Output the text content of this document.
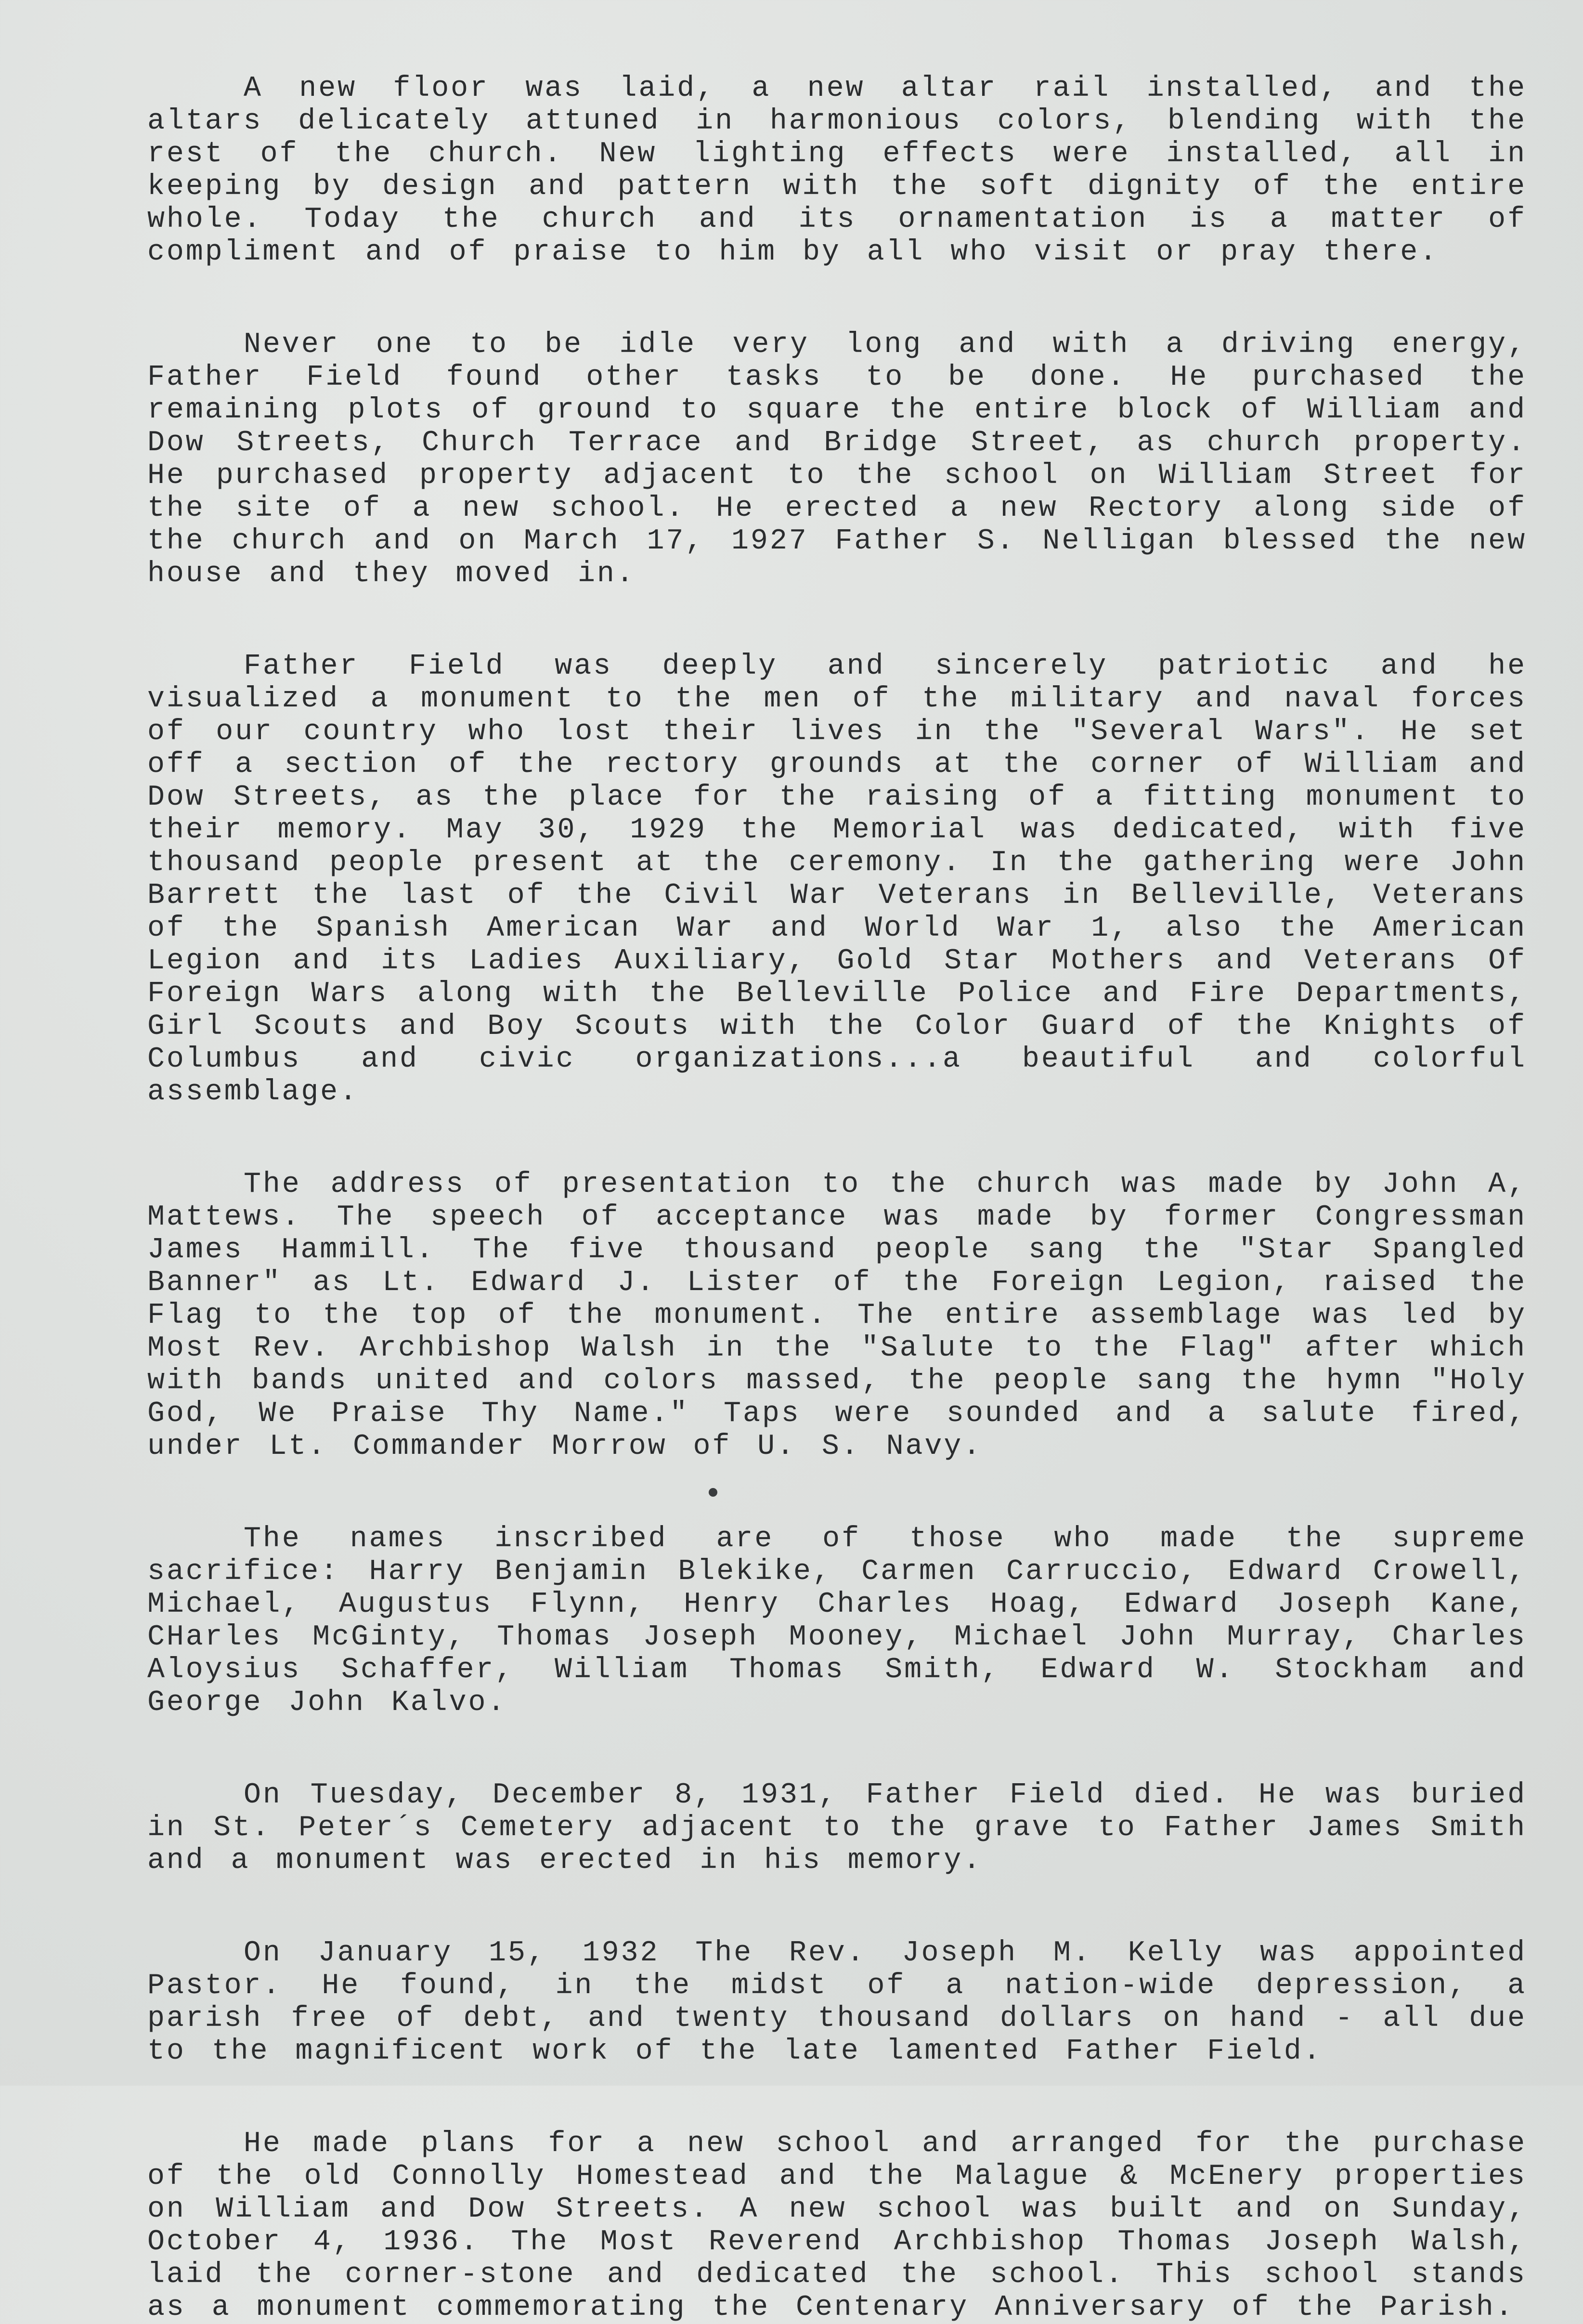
A new floor was laid, a new altar rail installed, and the altars delicately attuned in harmonious colors, blending with the rest of the church. New lighting effects were installed, all in keeping by design and pattern with the soft dignity of the entire whole. Today the church and its ornamentation is a matter of compliment and of praise to him by all who visit or pray there.

Never one to be idle very long and with a driving energy, Father Field found other tasks to be done. He purchased the remaining plots of ground to square the entire block of William and Dow Streets, Church Terrace and Bridge Street, as church property. He purchased property adjacent to the school on William Street for the site of a new school. He erected a new Rectory along side of the church and on March 17, 1927 Father S. Nelligan blessed the new house and they moved in.

Father Field was deeply and sincerely patriotic and he visualized a monument to the men of the military and naval forces of our country who lost their lives in the "Several Wars". He set off a section of the rectory grounds at the corner of William and Dow Streets, as the place for the raising of a fitting monument to their memory. May 30, 1929 the Memorial was dedicated, with five thousand people present at the ceremony. In the gathering were John Barrett the last of the Civil War Veterans in Belleville, Veterans of the Spanish American War and World War 1, also the American Legion and its Ladies Auxiliary, Gold Star Mothers and Veterans Of Foreign Wars along with the Belleville Police and Fire Departments, Girl Scouts and Boy Scouts with the Color Guard of the Knights of Columbus and civic organizations...a beautiful and colorful assemblage.

The address of presentation to the church was made by John A, Mattews. The speech of acceptance was made by former Congressman James Hammill. The five thousand people sang the "Star Spangled Banner" as Lt. Edward J. Lister of the Foreign Legion, raised the Flag to the top of the monument. The entire assemblage was led by Most Rev. Archbishop Walsh in the "Salute to the Flag" after which with bands united and colors massed, the people sang the hymn "Holy God, We Praise Thy Name." Taps were sounded and a salute fired, under Lt. Commander Morrow of U. S. Navy.

The names inscribed are of those who made the supreme sacrifice: Harry Benjamin Blekike, Carmen Carruccio, Edward Crowell, Michael, Augustus Flynn, Henry Charles Hoag, Edward Joseph Kane, CHarles McGinty, Thomas Joseph Mooney, Michael John Murray, Charles Aloysius Schaffer, William Thomas Smith, Edward W. Stockham and George John Kalvo.

On Tuesday, December 8, 1931, Father Field died. He was buried in St. Peter´s Cemetery adjacent to the grave to Father James Smith and a monument was erected in his memory.

On January 15, 1932 The Rev. Joseph M. Kelly was appointed Pastor. He found, in the midst of a nation-wide depression, a parish free of debt, and twenty thousand dollars on hand - all due to the magnificent work of the late lamented Father Field.

He made plans for a new school and arranged for the purchase of the old Connolly Homestead and the Malague & McEnery properties on William and Dow Streets. A new school was built and on Sunday, October 4, 1936. The Most Reverend Archbishop Thomas Joseph Walsh, laid the corner-stone and dedicated the school. This school stands as a monument commemorating the Centenary Anniversary of the Parish.
